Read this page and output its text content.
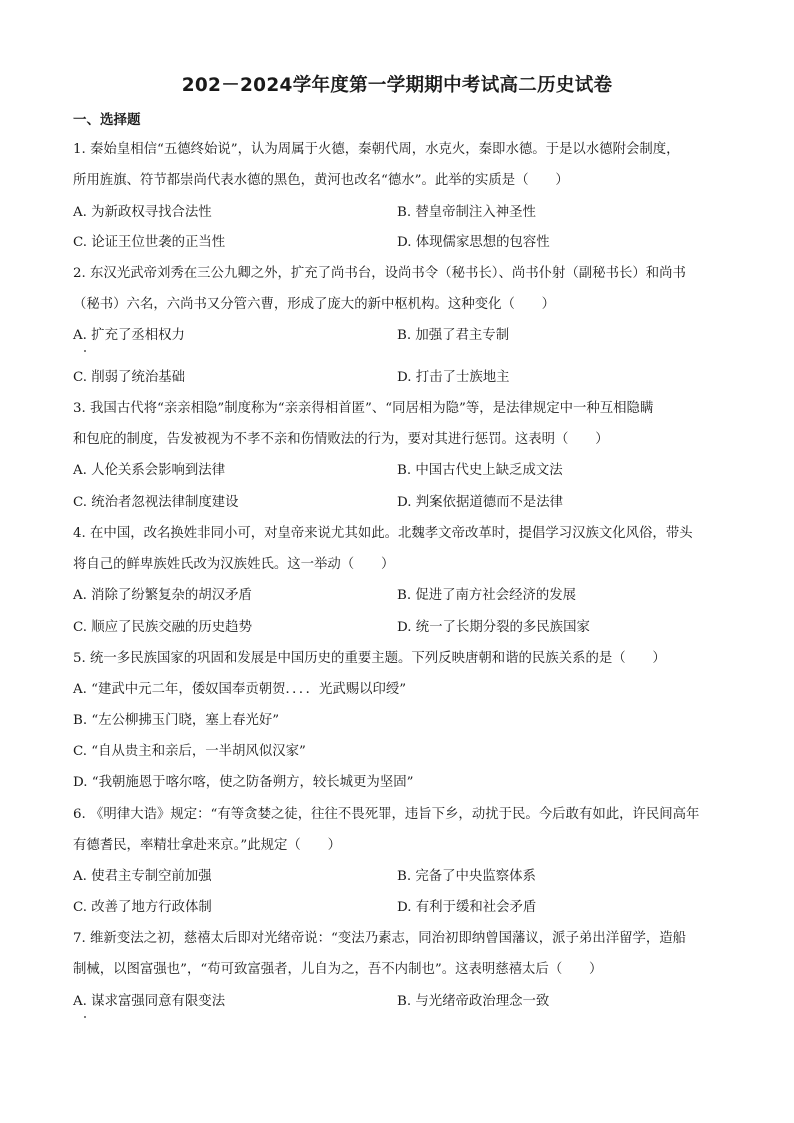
202－2024学年度第一学期期中考试高二历史试卷
一、选择题
1. 秦始皇相信“五德终始说”，认为周属于火德，秦朝代周，水克火，秦即水德。于是以水德附会制度，
所用旌旗、符节都崇尚代表水德的黑色，黄河也改名“德水”。此举的实质是（　　）
A. 为新政权寻找合法性	B. 替皇帝制注入神圣性
C. 论证王位世袭的正当性	D. 体现儒家思想的包容性
2. 东汉光武帝刘秀在三公九卿之外，扩充了尚书台，设尚书令（秘书长）、尚书仆射（副秘书长）和尚书
（秘书）六名，六尚书又分管六曹，形成了庞大的新中枢机构。这种变化（　　）
A. 扩充了丞相权力	B. 加强了君主专制
C. 削弱了统治基础	D. 打击了士族地主
3. 我国古代将“亲亲相隐”制度称为“亲亲得相首匿”、“同居相为隐”等，是法律规定中一种互相隐瞒
和包庇的制度，告发被视为不孝不亲和伤情败法的行为，要对其进行惩罚。这表明（　　）
A. 人伦关系会影响到法律	B. 中国古代史上缺乏成文法
C. 统治者忽视法律制度建设	D. 判案依据道德而不是法律
4. 在中国，改名换姓非同小可，对皇帝来说尤其如此。北魏孝文帝改革时，提倡学习汉族文化风俗，带头
将自己的鲜卑族姓氏改为汉族姓氏。这一举动（　　）
A. 消除了纷繁复杂的胡汉矛盾	B. 促进了南方社会经济的发展
C. 顺应了民族交融的历史趋势	D. 统一了长期分裂的多民族国家
5. 统一多民族国家的巩固和发展是中国历史的重要主题。下列反映唐朝和谐的民族关系的是（　　）
A. “建武中元二年，倭奴国奉贡朝贺．．．．光武赐以印绶”
B. “左公柳拂玉门晓，塞上春光好”
C. “自从贵主和亲后，一半胡风似汉家”
D. “我朝施恩于喀尔喀，使之防备朔方，较长城更为坚固”
6. 《明律大诰》规定：“有等贪婪之徒，往往不畏死罪，违旨下乡，动扰于民。今后敢有如此，许民间高年
有德耆民，率精壮拿赴来京。”此规定（　　）
A. 使君主专制空前加强	B. 完备了中央监察体系
C. 改善了地方行政体制	D. 有利于缓和社会矛盾
7. 维新变法之初，慈禧太后即对光绪帝说：“变法乃素志，同治初即纳曾国藩议，派子弟出洋留学，造船
制械，以图富强也”，“苟可致富强者，儿自为之，吾不内制也”。这表明慈禧太后（　　）
A. 谋求富强同意有限变法	B. 与光绪帝政治理念一致
